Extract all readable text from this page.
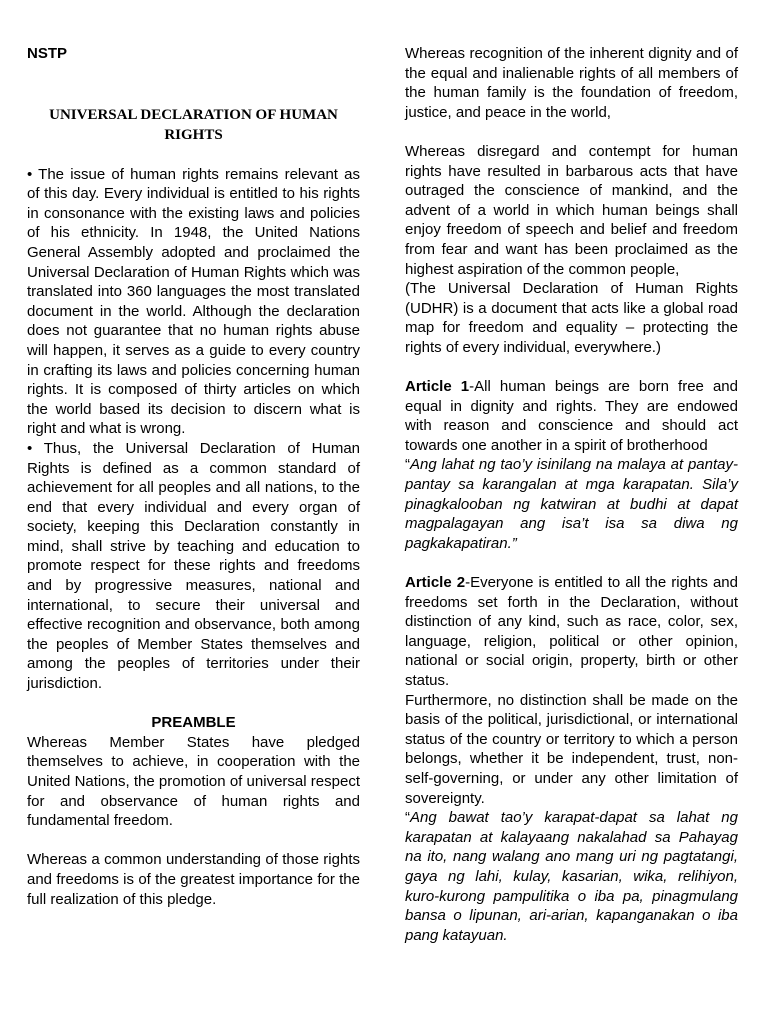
NSTP

UNIVERSAL DECLARATION OF HUMAN RIGHTS

• The issue of human rights remains relevant as of this day. Every individual is entitled to his rights in consonance with the existing laws and policies of his ethnicity. In 1948, the United Nations General Assembly adopted and proclaimed the Universal Declaration of Human Rights which was translated into 360 languages the most translated document in the world. Although the declaration does not guarantee that no human rights abuse will happen, it serves as a guide to every country in crafting its laws and policies concerning human rights. It is composed of thirty articles on which the world based its decision to discern what is right and what is wrong.

• Thus, the Universal Declaration of Human Rights is defined as a common standard of achievement for all peoples and all nations, to the end that every individual and every organ of society, keeping this Declaration constantly in mind, shall strive by teaching and education to promote respect for these rights and freedoms and by progressive measures, national and international, to secure their universal and effective recognition and observance, both among the peoples of Member States themselves and among the peoples of territories under their jurisdiction.

PREAMBLE

Whereas Member States have pledged themselves to achieve, in cooperation with the United Nations, the promotion of universal respect for and observance of human rights and fundamental freedom.

Whereas a common understanding of those rights and freedoms is of the greatest importance for the full realization of this pledge.

Whereas recognition of the inherent dignity and of the equal and inalienable rights of all members of the human family is the foundation of freedom, justice, and peace in the world,

Whereas disregard and contempt for human rights have resulted in barbarous acts that have outraged the conscience of mankind, and the advent of a world in which human beings shall enjoy freedom of speech and belief and freedom from fear and want has been proclaimed as the highest aspiration of the common people,

(The Universal Declaration of Human Rights (UDHR) is a document that acts like a global road map for freedom and equality – protecting the rights of every individual, everywhere.)

Article 1-All human beings are born free and equal in dignity and rights. They are endowed with reason and conscience and should act towards one another in a spirit of brotherhood

“Ang lahat ng tao’y isinilang na malaya at pantay-pantay sa karangalan at mga karapatan. Sila’y pinagkalooban ng katwiran at budhi at dapat magpalagayan ang isa’t isa sa diwa ng pagkakapatiran.”

Article 2-Everyone is entitled to all the rights and freedoms set forth in the Declaration, without distinction of any kind, such as race, color, sex, language, religion, political or other opinion, national or social origin, property, birth or other status.

Furthermore, no distinction shall be made on the basis of the political, jurisdictional, or international status of the country or territory to which a person belongs, whether it be independent, trust, non-self-governing, or under any other limitation of sovereignty.

“Ang bawat tao’y karapat-dapat sa lahat ng karapatan at kalayaang nakalahad sa Pahayag na ito, nang walang ano mang uri ng pagtatangi, gaya ng lahi, kulay, kasarian, wika, relihiyon, kuro-kurong pampulitika o iba pa, pinagmulang bansa o lipunan, ari-arian, kapanganakan o iba pang katayuan.
